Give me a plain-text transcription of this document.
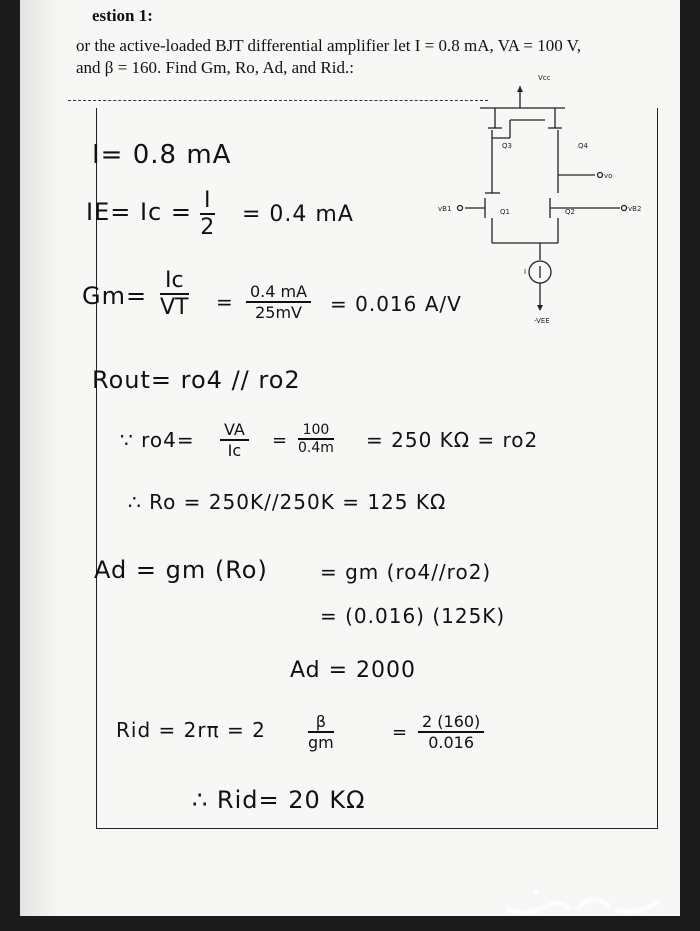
estion 1:
or the active-loaded BJT differential amplifier let I = 0.8 mA, VA = 100 V,
and β = 160. Find Gm, Ro, Ad, and Rid.:
Vcc
-VEE
Q1	Q2
Q3	Q4
vB1	vB2
vo
I
I= 0.8 mA
$IE= Ic = \frac{I}{2} = 0.4$ mA
$Gm= \frac{Ic}{VT} = \frac{0.4 mA}{25mV} = 0.016$ A/V
Rout= ro4 // ro2
∵ $ro4= \frac{VA}{Ic} = \frac{100}{0.4m} = 250$ KΩ = ro2
∴ Ro = 250K//250K = 125 KΩ
Ad = gm (Ro)	= gm (ro4//ro2)
= (0.016) (125K)
Ad = 2000
Rid = 2rπ = 2	$\frac{\beta}{gm}$	= $\frac{2 (160)}{0.016}$
∴ Rid= 20 KΩ
